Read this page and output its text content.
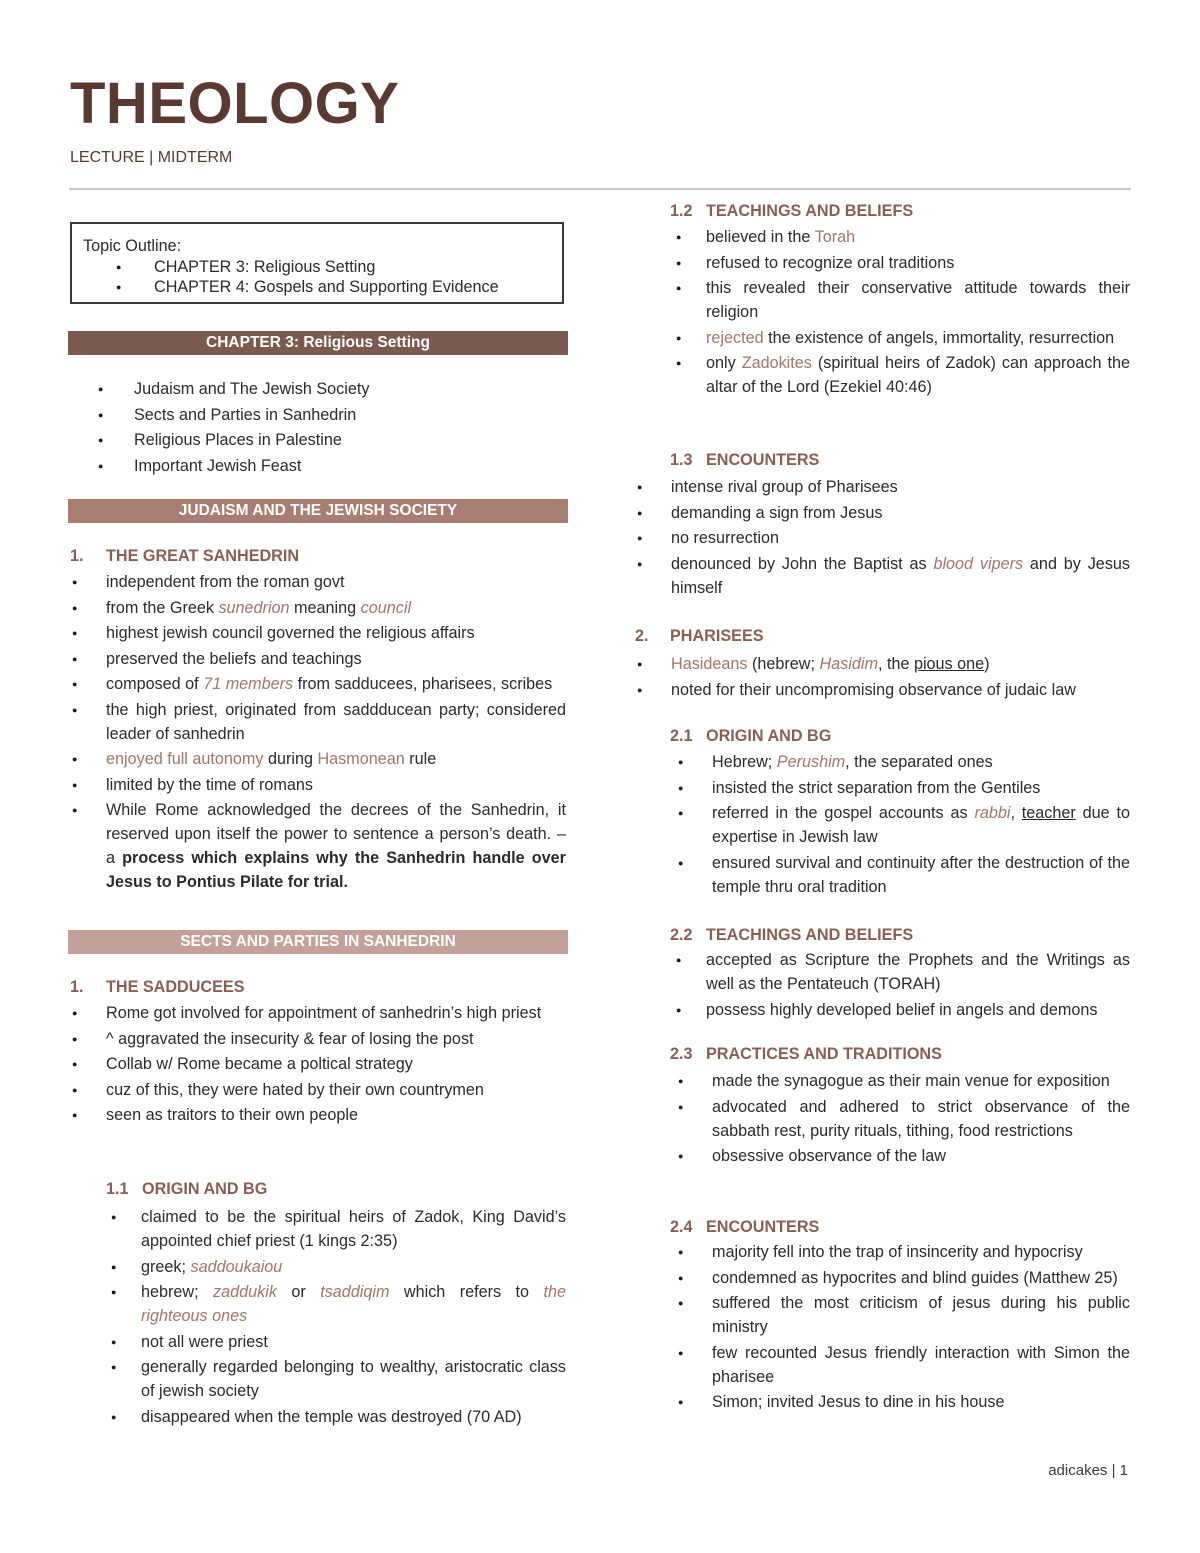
THEOLOGY
LECTURE | MIDTERM
Topic Outline:
● CHAPTER 3: Religious Setting
● CHAPTER 4: Gospels and Supporting Evidence
CHAPTER 3: Religious Setting
● Judaism and The Jewish Society
● Sects and Parties in Sanhedrin
● Religious Places in Palestine
● Important Jewish Feast
JUDAISM AND THE JEWISH SOCIETY
1. THE GREAT SANHEDRIN
● independent from the roman govt
● from the Greek sunedrion meaning council
● highest jewish council governed the religious affairs
● preserved the beliefs and teachings
● composed of 71 members from sadducees, pharisees, scribes
● the high priest, originated from saddducean party; considered leader of sanhedrin
● enjoyed full autonomy during Hasmonean rule
● limited by the time of romans
● While Rome acknowledged the decrees of the Sanhedrin, it reserved upon itself the power to sentence a person’s death. – a process which explains why the Sanhedrin handle over Jesus to Pontius Pilate for trial.
SECTS AND PARTIES IN SANHEDRIN
1. THE SADDUCEES
● Rome got involved for appointment of sanhedrin’s high priest
● ^ aggravated the insecurity & fear of losing the post
● Collab w/ Rome became a poltical strategy
● cuz of this, they were hated by their own countrymen
● seen as traitors to their own people
1.1 ORIGIN AND BG
● claimed to be the spiritual heirs of Zadok, King David’s appointed chief priest (1 kings 2:35)
● greek; saddoukaiou
● hebrew; zaddukik or tsaddiqim which refers to the righteous ones
● not all were priest
● generally regarded belonging to wealthy, aristocratic class of jewish society
● disappeared when the temple was destroyed (70 AD)
1.2 TEACHINGS AND BELIEFS
● believed in the Torah
● refused to recognize oral traditions
● this revealed their conservative attitude towards their religion
● rejected the existence of angels, immortality, resurrection
● only Zadokites (spiritual heirs of Zadok) can approach the altar of the Lord (Ezekiel 40:46)
1.3 ENCOUNTERS
● intense rival group of Pharisees
● demanding a sign from Jesus
● no resurrection
● denounced by John the Baptist as blood vipers and by Jesus himself
2. PHARISEES
● Hasideans (hebrew; Hasidim, the pious one)
● noted for their uncompromising observance of judaic law
2.1 ORIGIN AND BG
● Hebrew; Perushim, the separated ones
● insisted the strict separation from the Gentiles
● referred in the gospel accounts as rabbi, teacher due to expertise in Jewish law
● ensured survival and continuity after the destruction of the temple thru oral tradition
2.2 TEACHINGS AND BELIEFS
● accepted as Scripture the Prophets and the Writings as well as the Pentateuch (TORAH)
● possess highly developed belief in angels and demons
2.3 PRACTICES AND TRADITIONS
● made the synagogue as their main venue for exposition
● advocated and adhered to strict observance of the sabbath rest, purity rituals, tithing, food restrictions
● obsessive observance of the law
2.4 ENCOUNTERS
● majority fell into the trap of insincerity and hypocrisy
● condemned as hypocrites and blind guides (Matthew 25)
● suffered the most criticism of jesus during his public ministry
● few recounted Jesus friendly interaction with Simon the pharisee
● Simon; invited Jesus to dine in his house
adicakes | 1
